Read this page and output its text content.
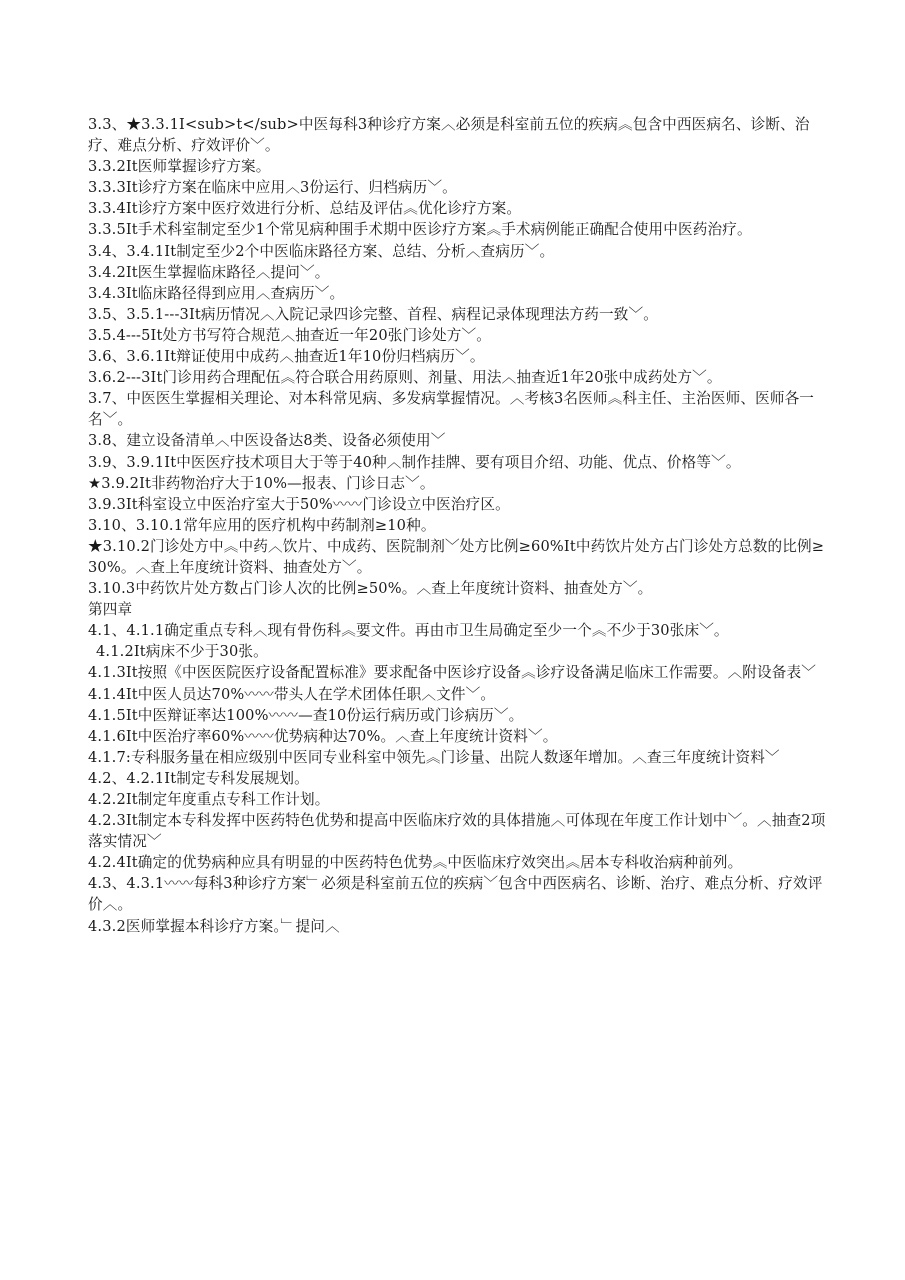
3.3、★3.3.1I<sub>t</sub>中医每科3种诊疗方案︿必须是科室前五位的疾病︽包含中西医病名、诊断、治疗、难点分析、疗效评价﹀。

3.3.2It医师掌握诊疗方案。

3.3.3It诊疗方案在临床中应用︿3份运行、归档病历﹀。

3.3.4It诊疗方案中医疗效进行分析、总结及评估︽优化诊疗方案。

3.3.5It手术科室制定至少1个常见病种围手术期中医诊疗方案︽手术病例能正确配合使用中医药治疗。

3.4、3.4.1It制定至少2个中医临床路径方案、总结、分析︿查病历﹀。

3.4.2It医生掌握临床路径︿提问﹀。

3.4.3It临床路径得到应用︿查病历﹀。

3.5、3.5.1---3It病历情况︿入院记录四诊完整、首程、病程记录体现理法方药一致﹀。

3.5.4---5It处方书写符合规范︿抽查近一年20张门诊处方﹀。

3.6、3.6.1It辩证使用中成药︿抽查近1年10份归档病历﹀。

3.6.2---3It门诊用药合理配伍︽符合联合用药原则、剂量、用法︿抽查近1年20张中成药处方﹀。

3.7、中医医生掌握相关理论、对本科常见病、多发病掌握情况。︿考核3名医师︽科主任、主治医师、医师各一名﹀。

3.8、建立设备清单︿中医设备达8类、设备必须使用﹀

3.9、3.9.1It中医医疗技术项目大于等于40种︿制作挂牌、要有项目介绍、功能、优点、价格等﹀。

★3.9.2It非药物治疗大于10%—报表、门诊日志﹀。

3.9.3It科室设立中医治疗室大于50%〰〰门诊设立中医治疗区。

3.10、3.10.1常年应用的医疗机构中药制剂≥10种。

★3.10.2门诊处方中︽中药︿饮片、中成药、医院制剂﹀处方比例≥60%It中药饮片处方占门诊处方总数的比例≥30%。︿查上年度统计资料、抽查处方﹀。

3.10.3中药饮片处方数占门诊人次的比例≥50%。︿查上年度统计资料、抽查处方﹀。

第四章

4.1、4.1.1确定重点专科︿现有骨伤科︽要文件。再由市卫生局确定至少一个︽不少于30张床﹀。

4.1.2It病床不少于30张。

4.1.3It按照《中医医院医疗设备配置标准》要求配备中医诊疗设备︽诊疗设备满足临床工作需要。︿附设备表﹀

4.1.4It中医人员达70%〰〰带头人在学术团体任职︿文件﹀。

4.1.5It中医辩证率达100%〰〰—查10份运行病历或门诊病历﹀。

4.1.6It中医治疗率60%〰〰优势病种达70%。︿查上年度统计资料﹀。

4.1.7:专科服务量在相应级别中医同专业科室中领先︽门诊量、出院人数逐年增加。︿查三年度统计资料﹀

4.2、4.2.1It制定专科发展规划。

4.2.2It制定年度重点专科工作计划。

4.2.3It制定本专科发挥中医药特色优势和提高中医临床疗效的具体措施︿可体现在年度工作计划中﹀。︿抽查2项落实情况﹀

4.2.4It确定的优势病种应具有明显的中医药特色优势︽中医临床疗效突出︽居本专科收治病种前列。

4.3、4.3.1〰〰每科3种诊疗方案﹂必须是科室前五位的疾病﹀包含中西医病名、诊断、治疗、难点分析、疗效评价︿。

4.3.2医师掌握本科诊疗方案。﹂提问︿
